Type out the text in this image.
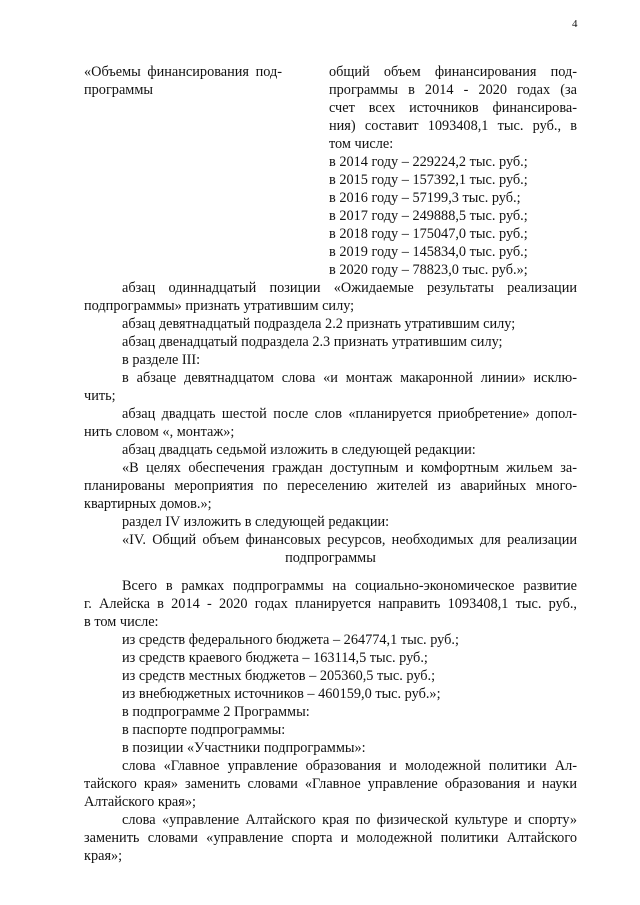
4
«Объемы финансирования под-
программы
общий объем финансирования под-
программы в 2014 - 2020 годах (за
счет всех источников финансирова-
ния) составит 1093408,1 тыс. руб., в
том числе:
в 2014 году – 229224,2 тыс. руб.;
в 2015 году – 157392,1 тыс. руб.;
в 2016 году – 57199,3 тыс. руб.;
в 2017 году – 249888,5 тыс. руб.;
в 2018 году – 175047,0 тыс. руб.;
в 2019 году – 145834,0 тыс. руб.;
в 2020 году – 78823,0 тыс. руб.»;
абзац одиннадцатый позиции «Ожидаемые результаты реализации
подпрограммы» признать утратившим силу;
абзац девятнадцатый подраздела 2.2 признать утратившим силу;
абзац двенадцатый подраздела 2.3 признать утратившим силу;
в разделе III:
в абзаце девятнадцатом слова «и монтаж макаронной линии» исклю-
чить;
абзац двадцать шестой после слов «планируется приобретение» допол-
нить словом «, монтаж»;
абзац двадцать седьмой изложить в следующей редакции:
«В целях обеспечения граждан доступным и комфортным жильем за-
планированы мероприятия по переселению жителей из аварийных много-
квартирных домов.»;
раздел IV изложить в следующей редакции:
«IV. Общий объем финансовых ресурсов, необходимых для реализации
подпрограммы
Всего в рамках подпрограммы на социально-экономическое развитие
г. Алейска в 2014 - 2020 годах планируется направить 1093408,1 тыс. руб.,
в том числе:
из средств федерального бюджета – 264774,1 тыс. руб.;
из средств краевого бюджета – 163114,5 тыс. руб.;
из средств местных бюджетов – 205360,5 тыс. руб.;
из внебюджетных источников – 460159,0 тыс. руб.»;
в подпрограмме 2 Программы:
в паспорте подпрограммы:
в позиции «Участники подпрограммы»:
слова «Главное управление образования и молодежной политики Ал-
тайского края» заменить словами «Главное управление образования и науки
Алтайского края»;
слова «управление Алтайского края по физической культуре и спорту»
заменить словами «управление спорта и молодежной политики Алтайского
края»;
